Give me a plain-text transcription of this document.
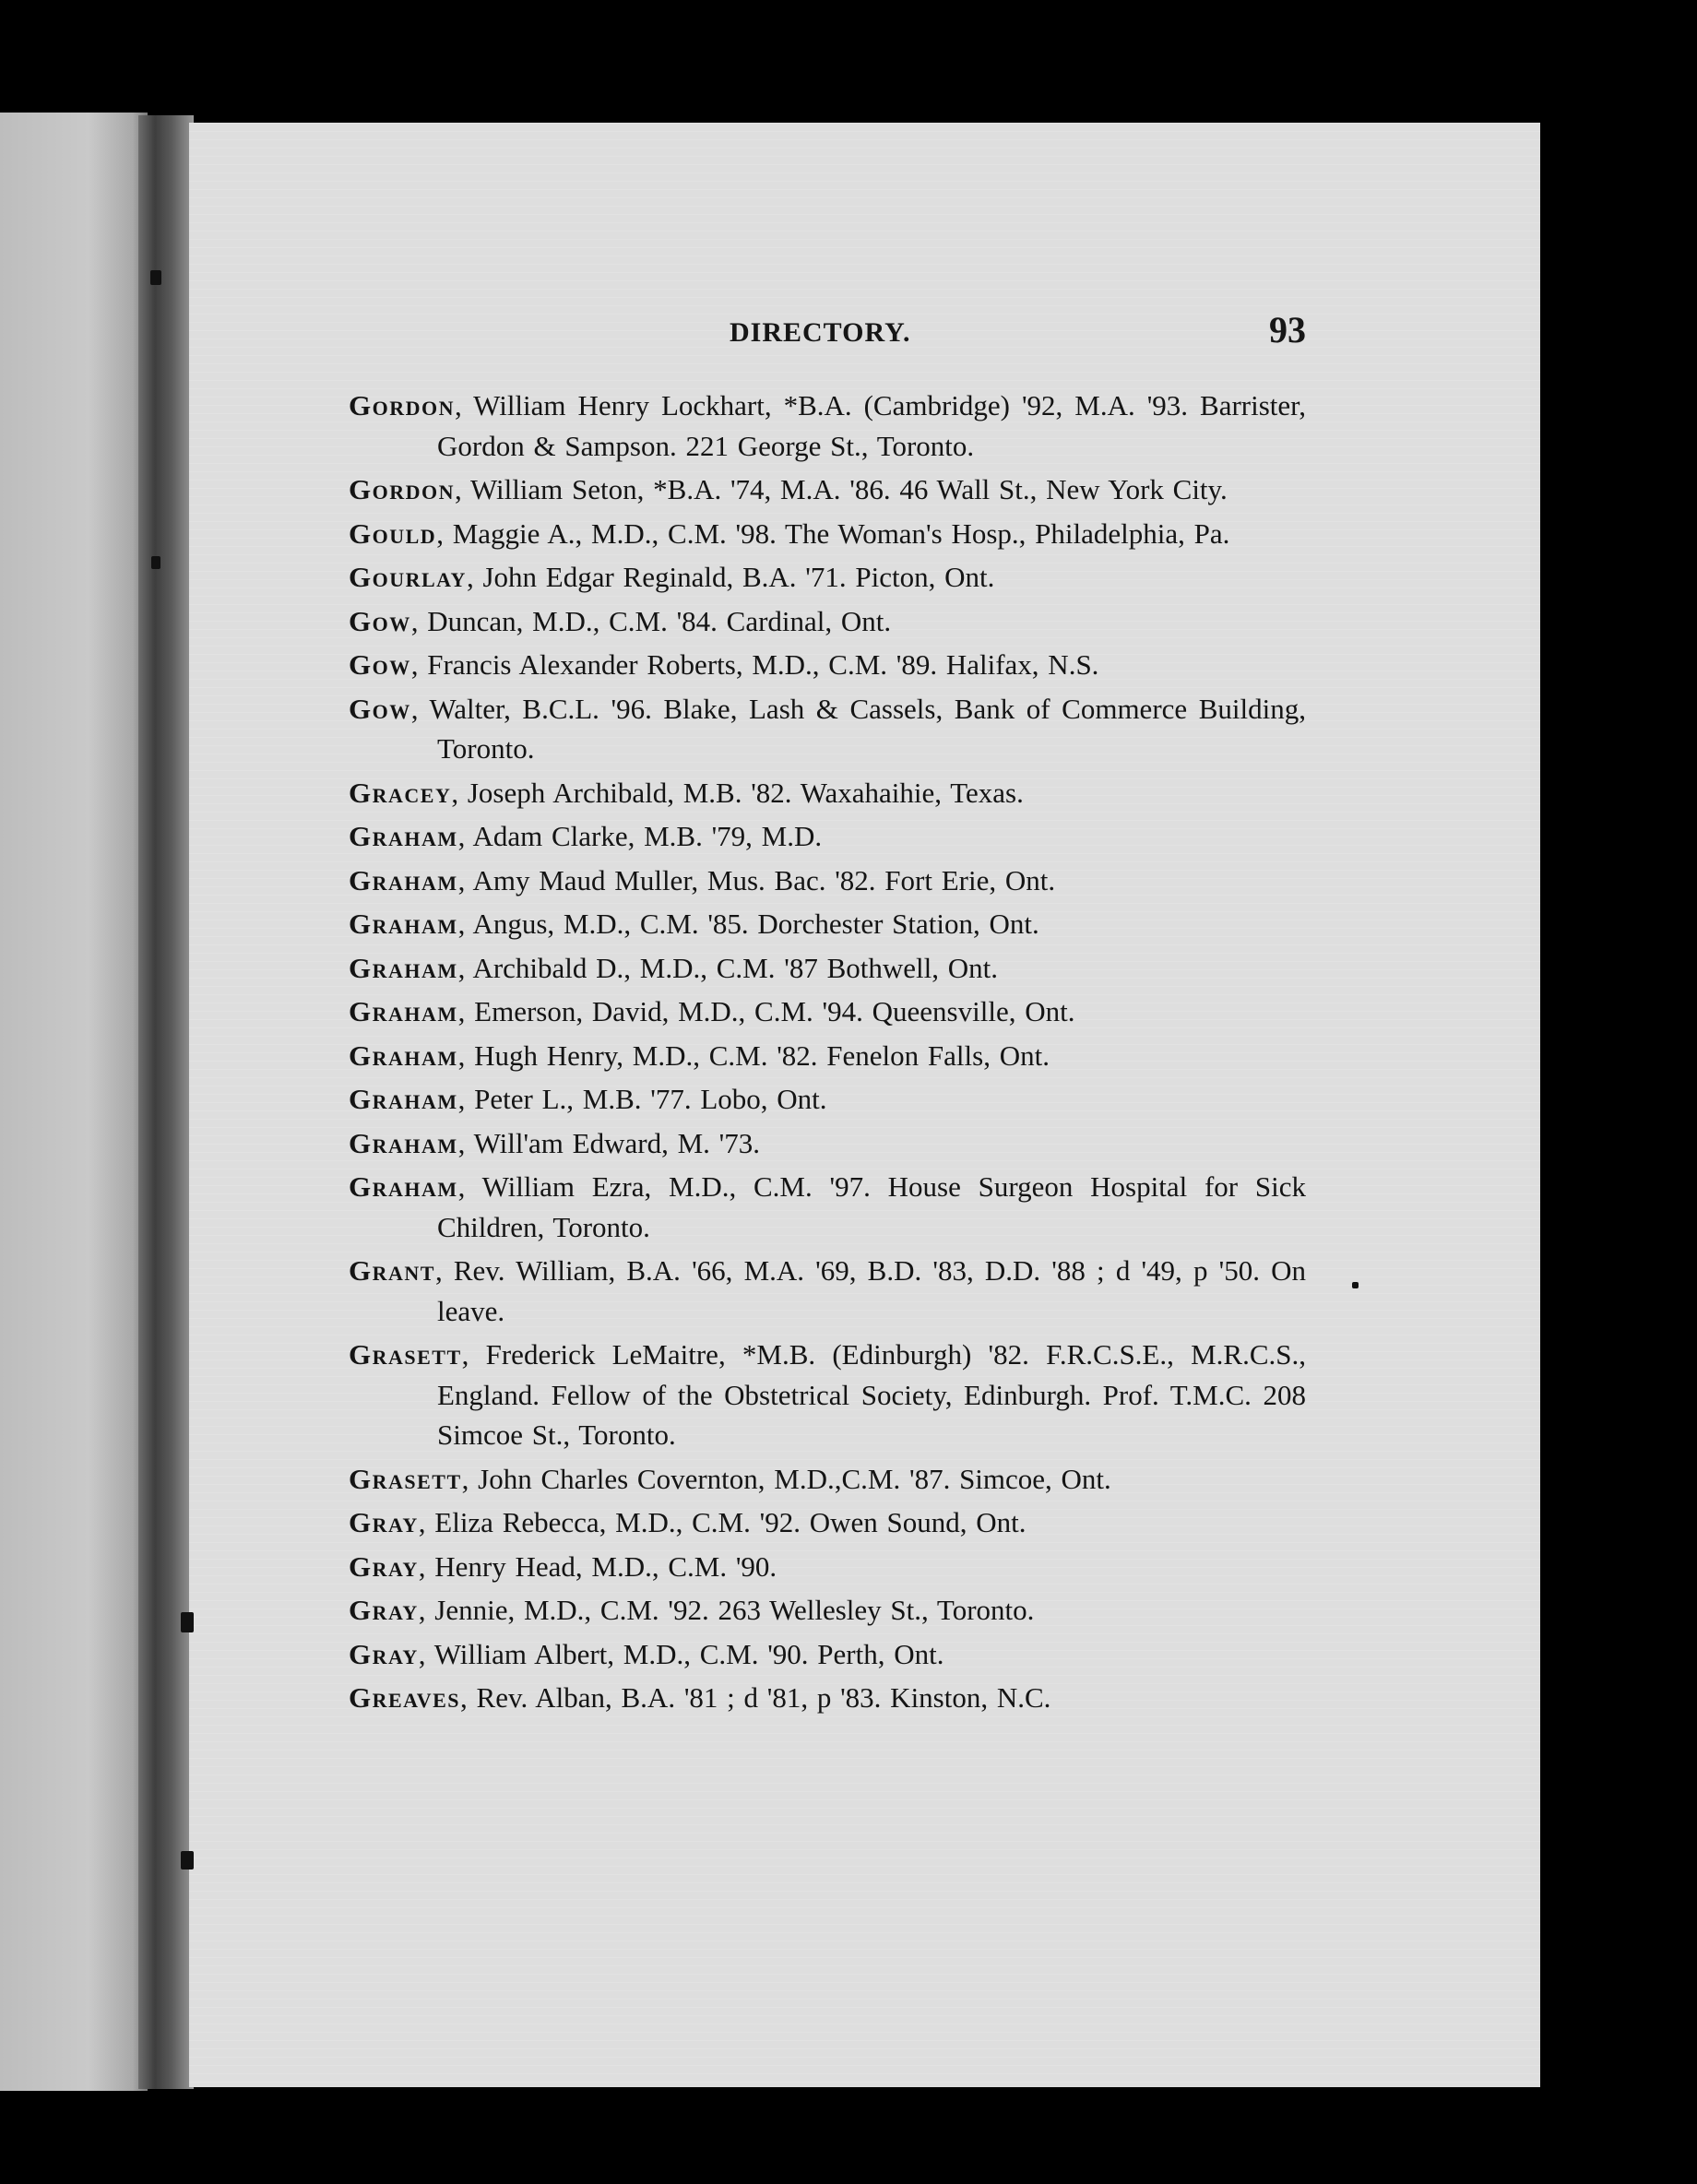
DIRECTORY.	93

Gordon, William Henry Lockhart, *B.A. (Cambridge) '92, M.A. '93. Barrister, Gordon & Sampson. 221 George St., Toronto.

Gordon, William Seton, *B.A. '74, M.A. '86. 46 Wall St., New York City.

Gould, Maggie A., M.D., C.M. '98. The Woman's Hosp., Philadelphia, Pa.

Gourlay, John Edgar Reginald, B.A. '71. Picton, Ont.

Gow, Duncan, M.D., C.M. '84. Cardinal, Ont.

Gow, Francis Alexander Roberts, M.D., C.M. '89. Halifax, N.S.

Gow, Walter, B.C.L. '96. Blake, Lash & Cassels, Bank of Commerce Building, Toronto.

Gracey, Joseph Archibald, M.B. '82. Waxahaihie, Texas.

Graham, Adam Clarke, M.B. '79, M.D.

Graham, Amy Maud Muller, Mus. Bac. '82. Fort Erie, Ont.

Graham, Angus, M.D., C.M. '85. Dorchester Station, Ont.

Graham, Archibald D., M.D., C.M. '87 Bothwell, Ont.

Graham, Emerson, David, M.D., C.M. '94. Queensville, Ont.

Graham, Hugh Henry, M.D., C.M. '82. Fenelon Falls, Ont.

Graham, Peter L., M.B. '77. Lobo, Ont.

Graham, Will'am Edward, M. '73.

Graham, William Ezra, M.D., C.M. '97. House Surgeon Hospital for Sick Children, Toronto.

Grant, Rev. William, B.A. '66, M.A. '69, B.D. '83, D.D. '88 ; d '49, p '50. On leave.

Grasett, Frederick LeMaitre, *M.B. (Edinburgh) '82. F.R.C.S.E., M.R.C.S., England. Fellow of the Obstetrical Society, Edinburgh. Prof. T.M.C. 208 Simcoe St., Toronto.

Grasett, John Charles Covernton, M.D.,C.M. '87. Simcoe, Ont.

Gray, Eliza Rebecca, M.D., C.M. '92. Owen Sound, Ont.

Gray, Henry Head, M.D., C.M. '90.

Gray, Jennie, M.D., C.M. '92. 263 Wellesley St., Toronto.

Gray, William Albert, M.D., C.M. '90. Perth, Ont.

Greaves, Rev. Alban, B.A. '81 ; d '81, p '83. Kinston, N.C.
